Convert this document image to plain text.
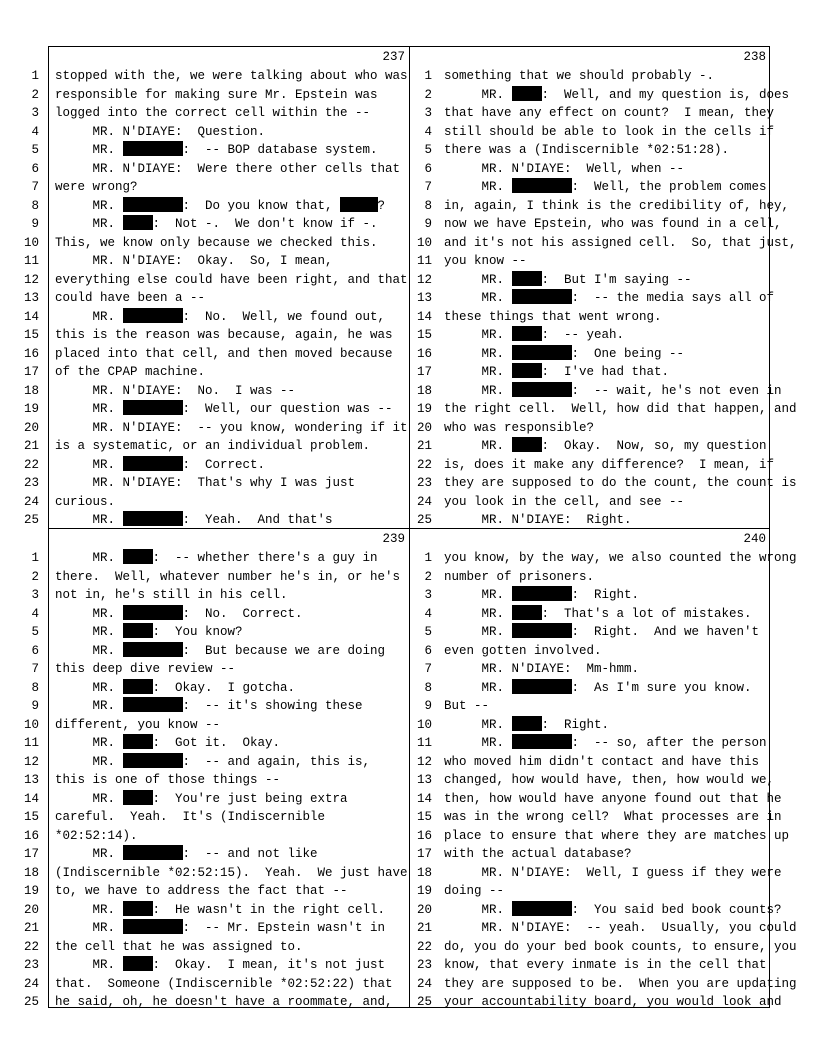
237
1 stopped with the, we were talking about who was
2 responsible for making sure Mr. Epstein was
3 logged into the correct cell within the --
4 MR. N'DIAYE:  Question.
5 MR.	:  -- BOP database system.
6 MR. N'DIAYE:  Were there other cells that
7 were wrong?
8 MR.	:  Do you know that,	?
9 MR. :  Not -.  We don't know if -.
10 This, we know only because we checked this.
11 MR. N'DIAYE:  Okay.  So, I mean,
12 everything else could have been right, and that
13 could have been a --
14 MR.	:  No.  Well, we found out,
15 this is the reason was because, again, he was
16 placed into that cell, and then moved because
17 of the CPAP machine.
18 MR. N'DIAYE:  No.  I was --
19 MR.	:  Well, our question was --
20 MR. N'DIAYE:  -- you know, wondering if it
21 is a systematic, or an individual problem.
22 MR.	:  Correct.
23 MR. N'DIAYE:  That's why I was just
24 curious.
25 MR.	:  Yeah.  And that's
238
1 something that we should probably -.
2 MR. :  Well, and my question is, does
3 that have any effect on count?  I mean, they
4 still should be able to look in the cells if
5 there was a (Indiscernible *02:51:28).
6 MR. N'DIAYE:  Well, when --
7 MR.	:  Well, the problem comes
8 in, again, I think is the credibility of, hey,
9 now we have Epstein, who was found in a cell,
10 and it's not his assigned cell.  So, that just,
11 you know --
12 MR. :  But I'm saying --
13 MR.	:  -- the media says all of
14 these things that went wrong.
15 MR. :  -- yeah.
16 MR.	:  One being --
17 MR. :  I've had that.
18 MR.	:  -- wait, he's not even in
19 the right cell.  Well, how did that happen, and
20 who was responsible?
21 MR. :  Okay.  Now, so, my question
22 is, does it make any difference?  I mean, if
23 they are supposed to do the count, the count is
24 you look in the cell, and see --
25 MR. N'DIAYE:  Right.
239
1 MR. :  -- whether there's a guy in
2 there.  Well, whatever number he's in, or he's
3 not in, he's still in his cell.
4 MR.	:  No.  Correct.
5 MR. :  You know?
6 MR.	:  But because we are doing
7 this deep dive review --
8 MR. :  Okay.  I gotcha.
9 MR.	:  -- it's showing these
10 different, you know --
11 MR. :  Got it.  Okay.
12 MR.	:  -- and again, this is,
13 this is one of those things --
14 MR. :  You're just being extra
15 careful.  Yeah.  It's (Indiscernible
16 *02:52:14).
17 MR.	:  -- and not like
18 (Indiscernible *02:52:15).  Yeah.  We just have
19 to, we have to address the fact that --
20 MR. :  He wasn't in the right cell.
21 MR.	:  -- Mr. Epstein wasn't in
22 the cell that he was assigned to.
23 MR. :  Okay.  I mean, it's not just
24 that.  Someone (Indiscernible *02:52:22) that
25 he said, oh, he doesn't have a roommate, and,
240
1 you know, by the way, we also counted the wrong
2 number of prisoners.
3 MR.	:  Right.
4 MR. :  That's a lot of mistakes.
5 MR.	:  Right.  And we haven't
6 even gotten involved.
7 MR. N'DIAYE:  Mm-hmm.
8 MR.	:  As I'm sure you know.
9 But --
10 MR. :  Right.
11 MR.	:  -- so, after the person
12 who moved him didn't contact and have this
13 changed, how would have, then, how would we,
14 then, how would have anyone found out that he
15 was in the wrong cell?  What processes are in
16 place to ensure that where they are matches up
17 with the actual database?
18 MR. N'DIAYE:  Well, I guess if they were
19 doing --
20 MR.	:  You said bed book counts?
21 MR. N'DIAYE:  -- yeah.  Usually, you could
22 do, you do your bed book counts, to ensure, you
23 know, that every inmate is in the cell that
24 they are supposed to be.  When you are updating
25 your accountability board, you would look and
